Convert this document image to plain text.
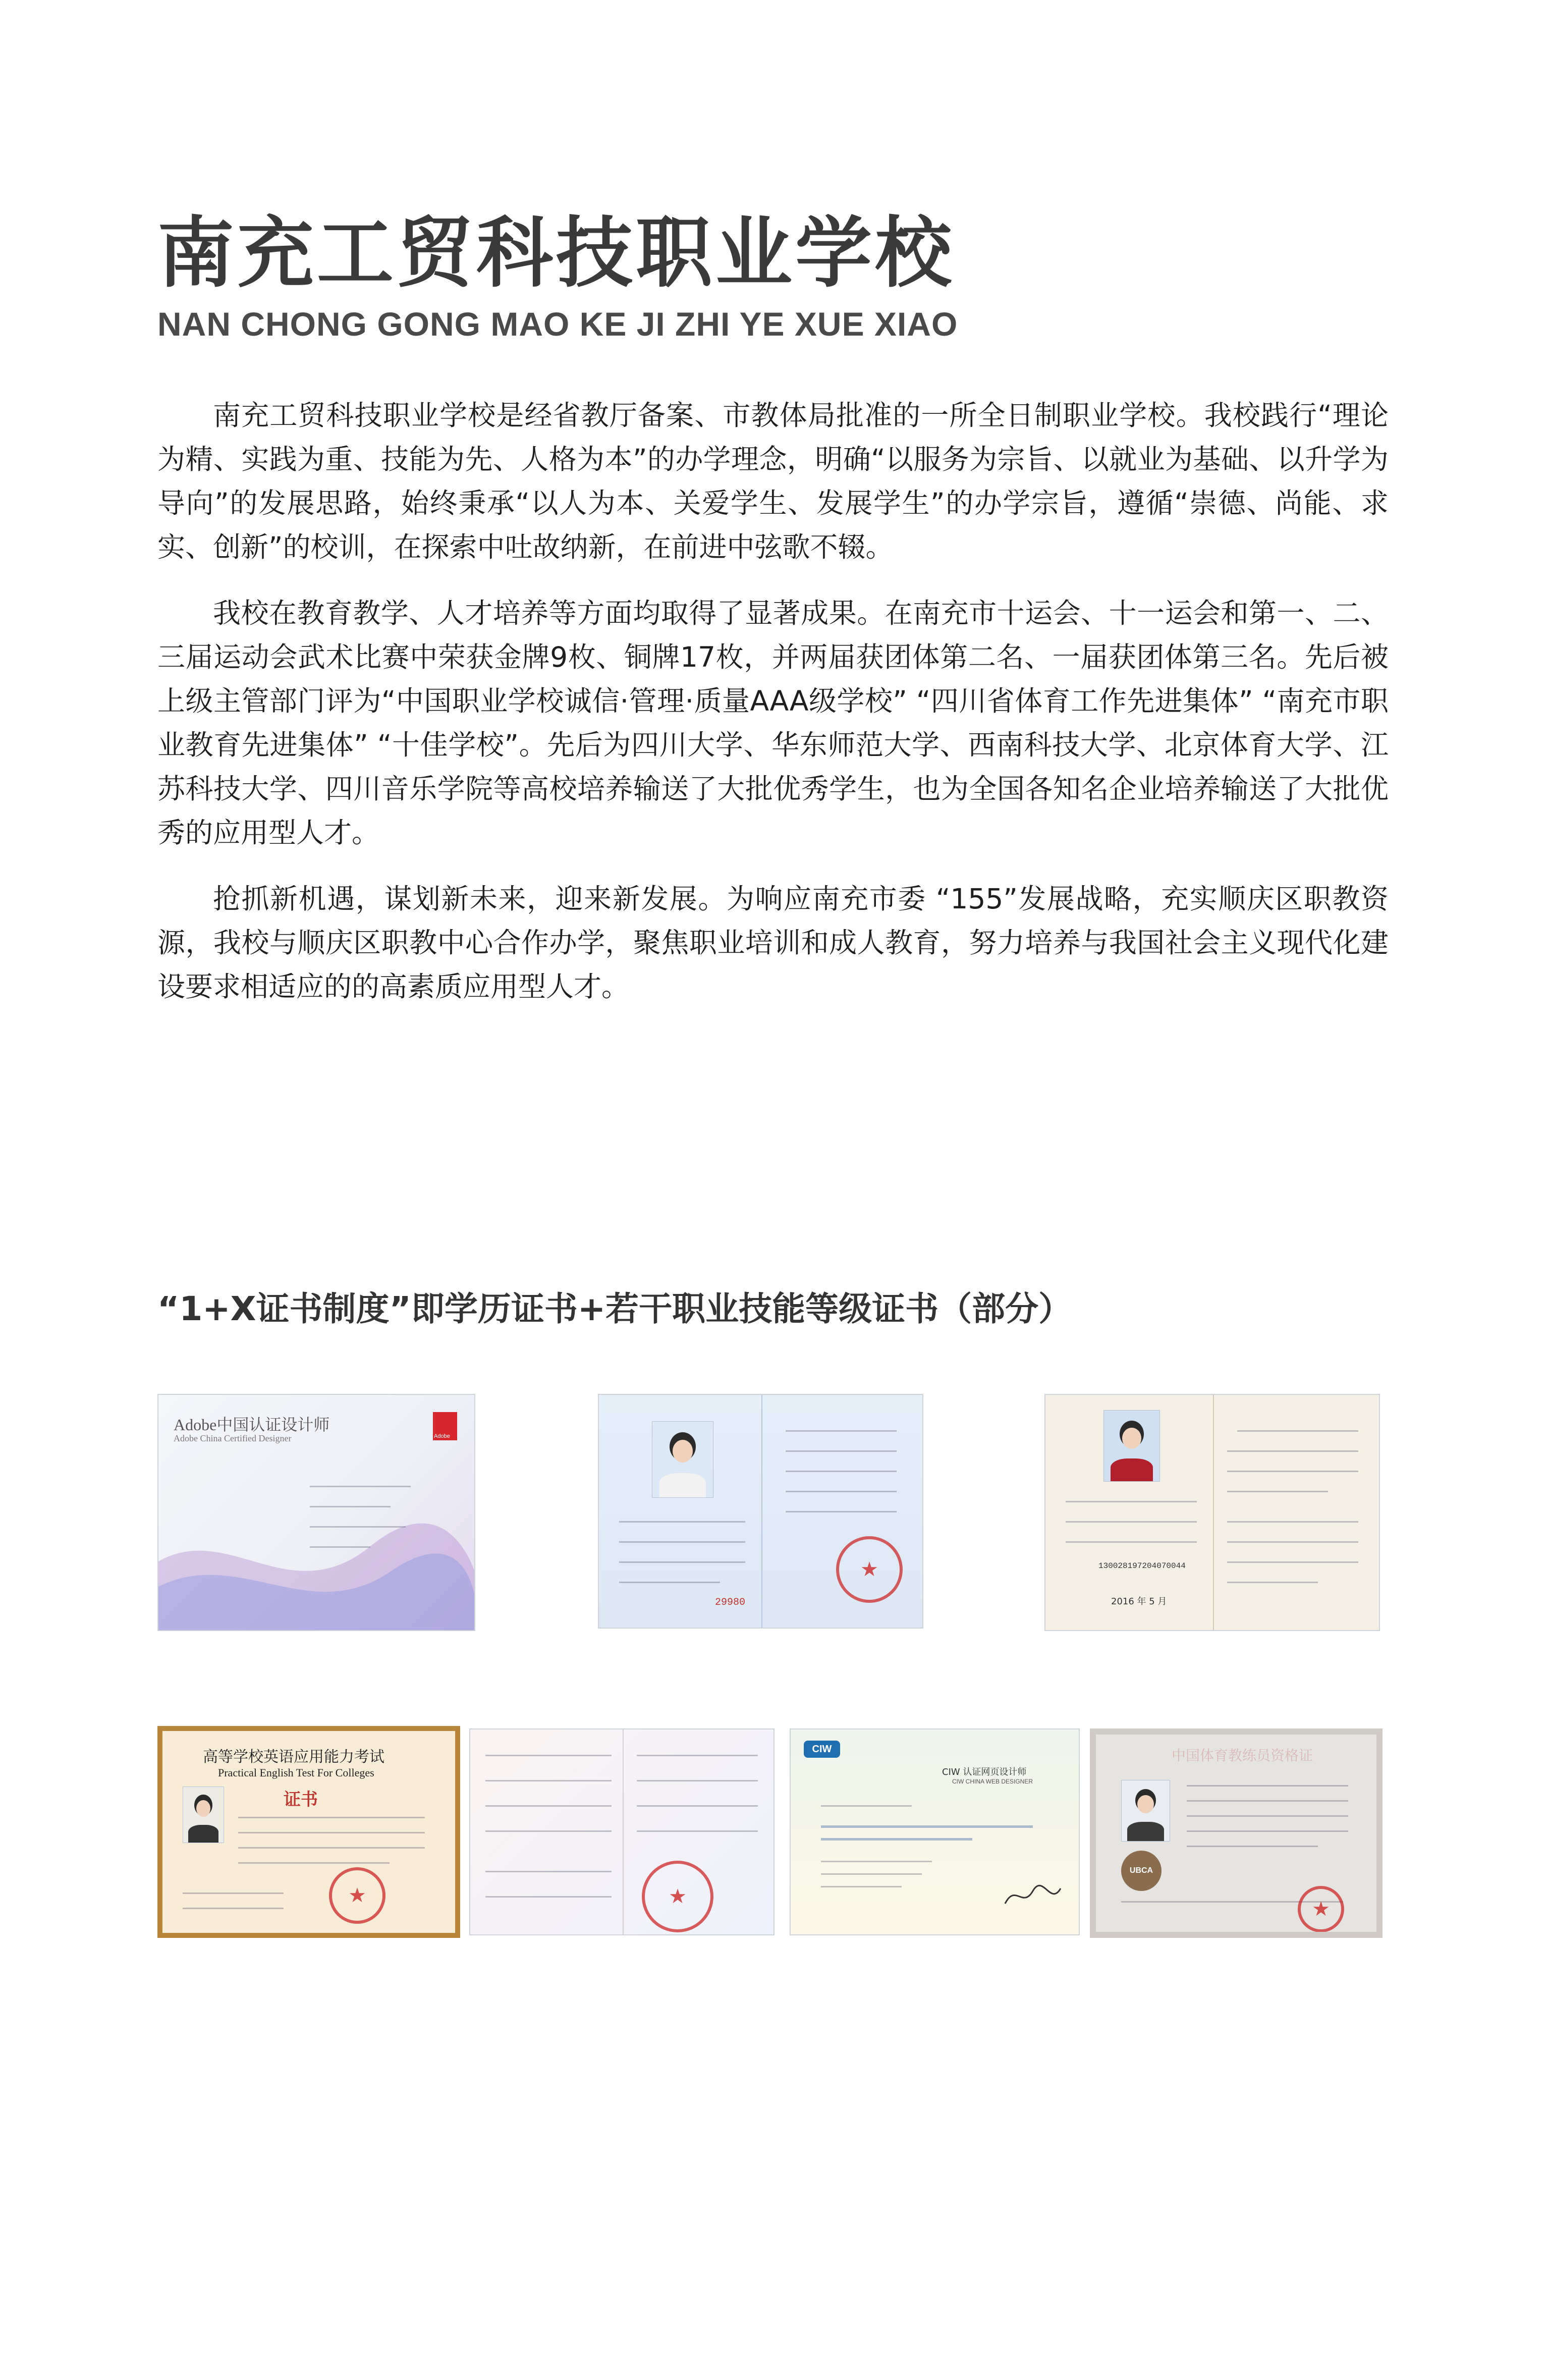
南充工贸科技职业学校
NAN CHONG GONG MAO KE JI ZHI YE XUE XIAO

南充工贸科技职业学校是经省教厅备案、市教体局批准的一所全日制职业学校。我校践行“理论为精、实践为重、技能为先、人格为本”的办学理念，明确“以服务为宗旨、以就业为基础、以升学为导向”的发展思路，始终秉承“以人为本、关爱学生、发展学生”的办学宗旨，遵循“崇德、尚能、求实、创新”的校训，在探索中吐故纳新，在前进中弦歌不辍。

我校在教育教学、人才培养等方面均取得了显著成果。在南充市十运会、十一运会和第一、二、三届运动会武术比赛中荣获金牌9枚、铜牌17枚，并两届获团体第二名、一届获团体第三名。先后被上级主管部门评为“中国职业学校诚信·管理·质量AAA级学校” “四川省体育工作先进集体” “南充市职业教育先进集体” “十佳学校”。先后为四川大学、华东师范大学、西南科技大学、北京体育大学、江苏科技大学、四川音乐学院等高校培养输送了大批优秀学生，也为全国各知名企业培养输送了大批优秀的应用型人才。

抢抓新机遇，谋划新未来，迎来新发展。为响应南充市委 “155”发展战略，充实顺庆区职教资源，我校与顺庆区职教中心合作办学，聚焦职业培训和成人教育，努力培养与我国社会主义现代化建设要求相适应的的高素质应用型人才。

“1+X证书制度”即学历证书+若干职业技能等级证书（部分）
Adobe中国认证设计师
Adobe China Certified Designer	Adobe
29980
★
130028197204070044
2016 年 5 月
高等学校英语应用能力考试
Practical English Test For Colleges
证书
★
★
CIW
CIW 认证网页设计师
CIW CHINA WEB DESIGNER
中国体育教练员资格证
UBCA
★
